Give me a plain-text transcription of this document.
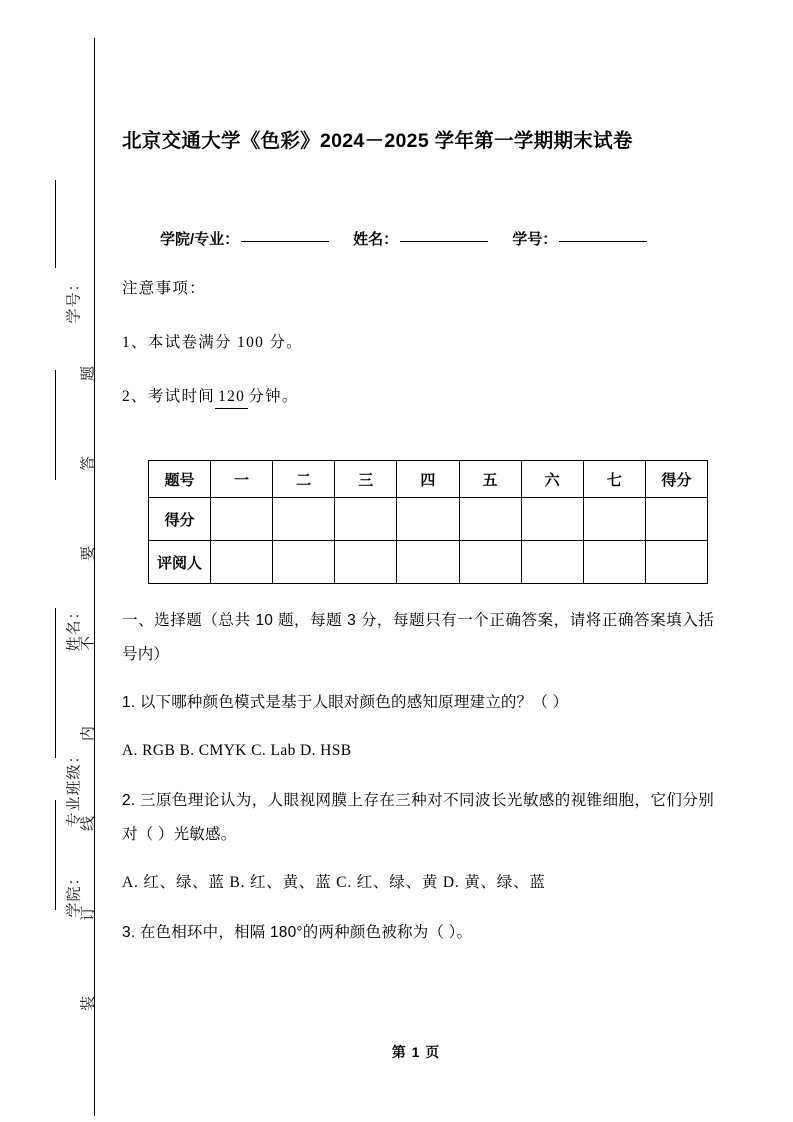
题
答
要
不
内
线
订
装
学号：
姓名：
专业班级：
学院：
北京交通大学《色彩》2024－2025 学年第一学期期末试卷
学院/专业：	姓名：	学号：
注意事项：
1、本试卷满分 100 分。
2、考试时间 120 分钟。
题号	一	二	三	四	五	六	七	得分
得分								
评阅人								
一、选择题（总共 10 题，每题 3 分，每题只有一个正确答案，请将正确答案填入括号内）
1. 以下哪种颜色模式是基于人眼对颜色的感知原理建立的？（ ）
A. RGB B. CMYK C. Lab D. HSB
2. 三原色理论认为，人眼视网膜上存在三种对不同波长光敏感的视锥细胞，它们分别对（ ）光敏感。
A. 红、绿、蓝 B. 红、黄、蓝 C. 红、绿、黄 D. 黄、绿、蓝
3. 在色相环中，相隔 180°的两种颜色被称为（ ）。
第 1 页
